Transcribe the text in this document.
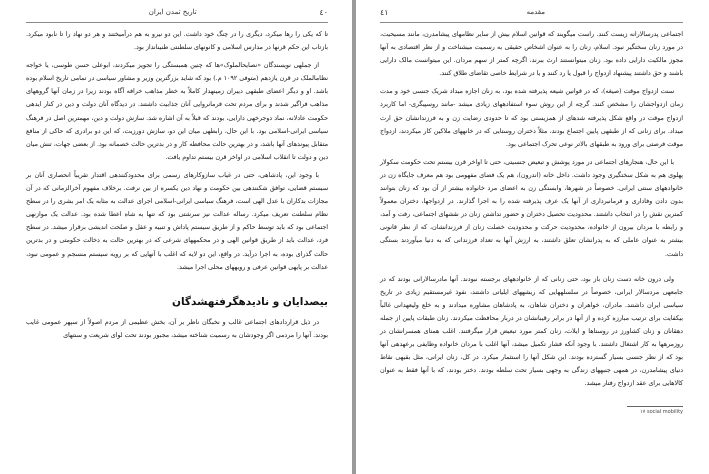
٤٠
تاریخ تمدن ایران

تا که یکی را رها میکرد، دیگری را در چنگ خود داشت. این دو نیرو به هم درآمیختند و هر دو نهاد را تا نابود میکرد. بازتاب این حکم قرنها در مدارس اسلامی و کانونهای سلطنتی طنینانداز بود.

از جملهی نویسندگان «نصایحالملوک»ها که چنین همبستگی را تجویز میکردند، ابوعلی حسن طوسی، یا خواجه نظامالملک در قرن یازدهم (متوفی ۱۰۹۲ م.) بود که شاید بزرگترین وزیر و مشاور سیاسی در تمامی تاریخ اسلام بوده باشد. او و دیگر اعضای طبقهی دیبران زمینهدار کاملاً به خطر مذاهب خرافه آگاه بودند زیرا در زمان آنها گروههای مذاهب فراگیر شدند و برای مردم تحت فرمانروایی آنان جذابیت داشتند. در دیدگاه آنان دولت و دین در کنار ایدهی حکومت عادلانه، نماد دوجرخهی دارایی، بودند که قبلاً به آن اشاره شد. سازش دولت و دین، مهمترین اصل در فرهنگ سیاسی ایرانی-اسلامی بود. با این حال، رابطهی میان این دو، سازش دورزیت، که این دو برادری که حاکی از منافع متقابل پیوندهای آنها باشد، و در بهترین حالت محافظه کار و در بدترین حالت خصمانه بود. از بعضی جهات، تنش میان دین و دولت تا انقلاب اسلامی در اواخر قرن بیستم تداوم یافت.

با وجود این، پادشاهی، حتی در غیاب سازوکارهای رسمی برای محدودکنندهی اقتدار تقریباً انحصاری آنان بر سیستم قضایی، توافق شکنندهی بین حکومت و نهاد دین یکسره از بین نرفت. برخلاف مفهوم آخرالزمانی که در آن مجازات بدکاران با عدل الهی است، فرهنگ سیاسی ایرانی-اسلامی اجرای عدالت به مثابه یک امر بشری را در سطح نظام سلطنت تعریف میکرد. رساله عدالت نیز سرشتی بود که تنها به شاه اعطا شده بود. عدالت یک موازنهی اجتماعی بود که باید توسط حاکم و از طریق سیستم پاداش و تنبیه و عقل و صلحت اندیشی برقرار میشد. در سطح فرد، عدالت باید از طریق قوانین الهی و در محکمههای شرعی که در بهترین حالت به دخالت حکومتی و در بدترین حالت گذرای بوده، به اجرا درآید. در واقع، این دو لایه که اغلب با آنهایی که بر رویه سیستم منسجم و عمومی نبود، عدالت بر پایهی قوانین عرفی و رویههای محلی اجرا میشد.

بیصدایان و نادیدهگرفتهشدگان

در ذیل قراردادهای اجتماعی غالب و نخبگان ناظر بر آن، بخش عظیمی از مردم اصولاً از سپهر عمومی غایب بودند. آنها را مردمی اگر وجودشان به رسمیت شناخته میشد، مجبور بودند تحت لوای شریعت و سنتهای

مقدمه
٤١

اجتماعی پدرسالارانه زیست کنند. راست میگویند که قوانین اسلام بیش از سایر نظامهای پیشامدرن، مانند مسیحیت، در مورد زنان سختگیر نبود. اسلام، زنان را به عنوان اشخاص حقیقی به رسمیت میشناخت و از نظر اقتصادی به آنها مجوز مالکیت دارایی داده بود. زنان میتوانستند ارث ببرند، اگرچه کمتر از سهم مردان. این میتوانست مالک دارایی باشند و حق داشتند پیشنهاد ازدواج را قبول یا رد کنند و یا در شرایط خاصی تقاضای طلاق کنند.

سنت ازدواج موقت (صیغه)، که در قوانین شیعه پذیرفته شده بود، به زنان اجازه میداد شریک جنسی خود و مدت زمان ازدواجشان را مشخص کنند. گرچه از این روش سوء استفادههای زیادی میشد -مانند روسپیگری- اما کاربرد ازدواج موقت در واقع شکل پذیرفته شدهای از همزیستی بود که تا حدودی رضایت زن و به فرزندانشان حق ارث میداد. برای زنانی که از طبقهی پایین اجتماع بودند، مثلاً دختران روستایی که در خانههای ملاکین کار میکردند، ازدواج موقت فرصتی برای ورود به طبقهای بالاتر نوعی تحرک اجتماعی بود.

با این حال، هنجارهای اجتماعی در مورد پوشش و تبعیض جنسیتی، حتی تا اواخر قرن بیستم تحت حکومت سکولار پهلوی هم به شکل سختگیری وجود داشت. داخل خانه (اندرون)، هم یک فضای مفهومی بود هم معرف جایگاه زن در خانوادههای سنتی ایرانی. خصوصاً در شهرها، وابستگی زن به اعضای مرد خانواده بیشتر از آن بود که زنان بتوانند بدون دادن وفاداری و فرمانبرداری از آنها یک عرف پذیرفته شده را به اجرا گذارند. در ازدواجها، دختران معمولاً کمترین نقش را در انتخاب داشتند. محدودیت تحصیل دختران و حضور نداشتن زنان در نقشهای اجتماعی، رفت و آمد، و رابطه با مردان بیرون از خانواده، محدودیت حرکت و محدودیت خصلت زنان از فرزندانشان، که از نظر قانونی بیشتر به عنوان عاملی که به پدرانشان تعلق داشتند، به ارزش آنها به تعداد فرزندانی که به دنیا میآوردند بستگی داشت.

ولی درون خانه دست زنان باز بود، حتی زنانی که از خانوادههای برجسته نبودند. آنها مادرسالارانی بودند که در جامعهی مردسالار ایرانی، خصوصاً در سلسلههایی که ریشههای ایلیاتی داشتند، نفوذ غیرمستقیم زیادی در تاریخ سیاسی ایران داشتند. مادران، خواهران و دختران شاهان، به پادشاهان مشاوره میدادند و به خلع ولیعهدانی غالباً بیکفایت برای ترتیب مبارزه کرده و از آنها در برابر رقیبانشان در دربار محافظت میکردند. زنان طبقات پایین از جمله دهقانان و زنان کشاورز در روستاها و ایلات، زنان کمتر مورد تبعیض قرار میگرفتند. اغلب همتای همسرانشان در روزمرهها به کار اشتغال داشتند. با وجود آنکه فشار تکمیل میشد، آنها اغلب با مردان خانواده وظایفی برعهدهی آنها بود که از نظر جنسی بسیار گسترده بودند. این شکل آنها را استثمار میکرد. در کل، زنان ایرانی، مثل بقیهی نقاط دنیای پیشامدرن، در همهی جنبههای زندگی به وجهی بسیار تحت سلطه بودند. دختر بودند، که با آنها فقط به عنوان کالاهایی برای عقد ازدواج رفتار میشد.

۱۷ social mobility
